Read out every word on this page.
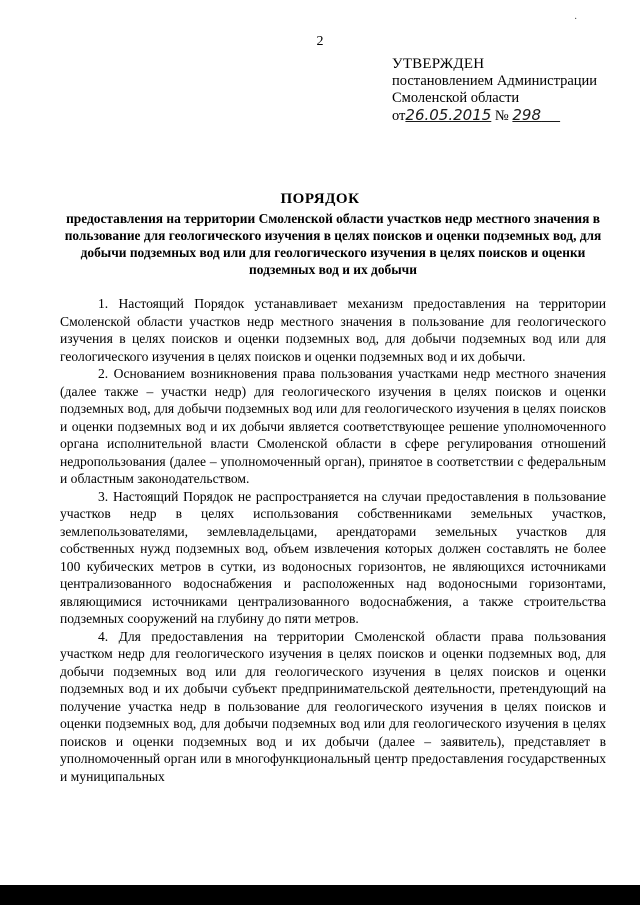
·
2
УТВЕРЖДЕН
постановлением Администрации
Смоленской области
от26.05.2015 № 298
ПОРЯДОК
предоставления на территории Смоленской области участков недр местного значения в пользование для геологического изучения в целях поисков и оценки подземных вод, для добычи подземных вод или для геологического изучения в целях поисков и оценки подземных вод и их добычи

1. Настоящий Порядок устанавливает механизм предоставления на территории Смоленской области участков недр местного значения в пользование для геологического изучения в целях поисков и оценки подземных вод, для добычи подземных вод или для геологического изучения в целях поисков и оценки подземных вод и их добычи.

2. Основанием возникновения права пользования участками недр местного значения (далее также – участки недр) для геологического изучения в целях поисков и оценки подземных вод, для добычи подземных вод или для геологического изучения в целях поисков и оценки подземных вод и их добычи является соответствующее решение уполномоченного органа исполнительной власти Смоленской области в сфере регулирования отношений недропользования (далее – уполномоченный орган), принятое в соответствии с федеральным и областным законодательством.

3. Настоящий Порядок не распространяется на случаи предоставления в пользование участков недр в целях использования собственниками земельных участков, землепользователями, землевладельцами, арендаторами земельных участков для собственных нужд подземных вод, объем извлечения которых должен составлять не более 100 кубических метров в сутки, из водоносных горизонтов, не являющихся источниками централизованного водоснабжения и расположенных над водоносными горизонтами, являющимися источниками централизованного водоснабжения, а также строительства подземных сооружений на глубину до пяти метров.

4. Для предоставления на территории Смоленской области права пользования участком недр для геологического изучения в целях поисков и оценки подземных вод, для добычи подземных вод или для геологического изучения в целях поисков и оценки подземных вод и их добычи субъект предпринимательской деятельности, претендующий на получение участка недр в пользование для геологического изучения в целях поисков и оценки подземных вод, для добычи подземных вод или для геологического изучения в целях поисков и оценки подземных вод и их добычи (далее – заявитель), представляет в уполномоченный орган или в многофункциональный центр предоставления государственных и муниципальных
